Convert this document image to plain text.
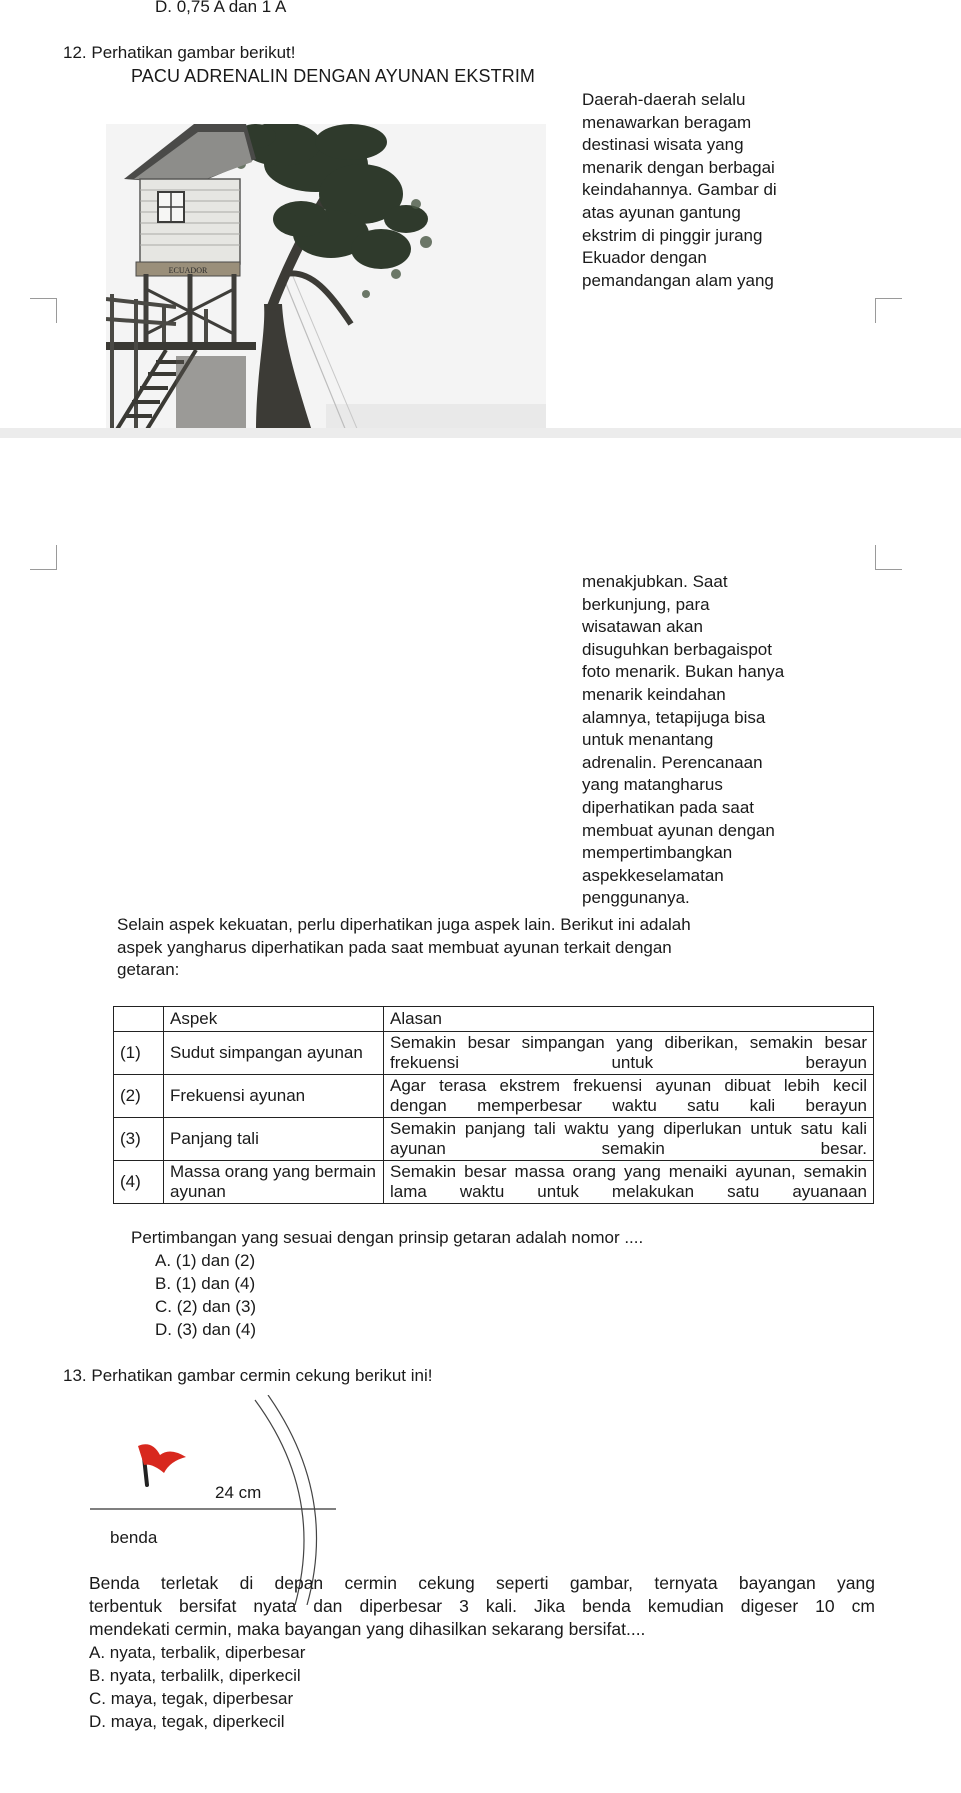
D. 0,75 A dan 1 A
12. Perhatikan gambar berikut!
PACU ADRENALIN DENGAN AYUNAN EKSTRIM
ECUADOR
Daerah-daerah selalu
menawarkan beragam
destinasi wisata yang
menarik dengan berbagai
keindahannya. Gambar di
atas ayunan gantung
ekstrim di pinggir jurang
Ekuador dengan
pemandangan alam yang
menakjubkan. Saat
berkunjung, para
wisatawan akan
disuguhkan berbagaispot
foto menarik. Bukan hanya
menarik keindahan
alamnya, tetapijuga bisa
untuk menantang
adrenalin. Perencanaan
yang matangharus
diperhatikan pada saat
membuat ayunan dengan
mempertimbangkan
aspekkeselamatan
penggunanya.
Selain aspek kekuatan, perlu diperhatikan juga aspek lain. Berikut ini adalah
aspek yangharus diperhatikan pada saat membuat ayunan terkait dengan
getaran:
	Aspek	Alasan
(1)	Sudut simpangan ayunan	Semakin besar simpangan yang diberikan, semakin besar frekuensi untuk berayun
(2)	Frekuensi ayunan	Agar terasa ekstrem frekuensi ayunan dibuat lebih kecil dengan memperbesar waktu satu kali berayun
(3)	Panjang tali	Semakin panjang tali waktu yang diperlukan untuk satu kali ayunan semakin besar.
(4)	Massa orang yang bermain ayunan	Semakin besar massa orang yang menaiki ayunan, semakin lama waktu untuk melakukan satu ayuanaan
Pertimbangan yang sesuai dengan prinsip getaran adalah nomor ....
A. (1) dan (2)
B. (1) dan (4)
C. (2) dan (3)
D. (3) dan (4)
13. Perhatikan gambar cermin cekung berikut ini!
24 cm
benda
Benda terletak di depan cermin cekung seperti gambar, ternyata bayangan yang
terbentuk bersifat nyata dan diperbesar 3 kali. Jika benda kemudian digeser 10 cm
mendekati cermin, maka bayangan yang dihasilkan sekarang bersifat....
A. nyata, terbalik, diperbesar
B. nyata, terbalilk, diperkecil
C. maya, tegak, diperbesar
D. maya, tegak, diperkecil
